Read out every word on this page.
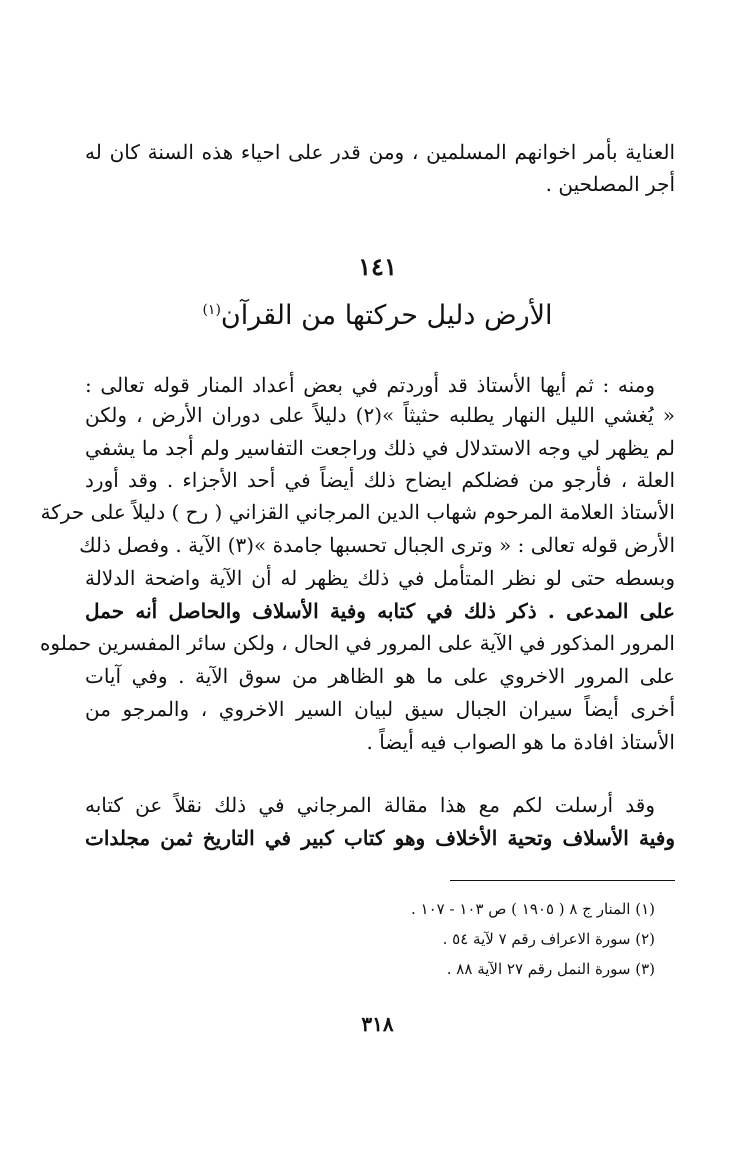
العناية بأمر اخوانهم المسلمين ، ومن قدر على احياء هذه السنة كان له
أجر المصلحين .
١٤١
الأرض دليل حركتها من القرآن$^{(١)}$
ومنه : ثم أيها الأستاذ قد أوردتم في بعض أعداد المنار قوله تعالى :
« يُغشي الليل النهار يطلبه حثيثاً »(٢) دليلاً على دوران الأرض ، ولكن
لم يظهر لي وجه الاستدلال في ذلك وراجعت التفاسير ولم أجد ما يشفي
العلة ، فأرجو من فضلكم ايضاح ذلك أيضاً في أحد الأجزاء . وقد أورد
الأستاذ العلامة المرحوم شهاب الدين المرجاني القزاني ( رح ) دليلاً على حركة
الأرض قوله تعالى : « وترى الجبال تحسبها جامدة »(٣) الآية . وفصل ذلك
وبسطه حتى لو نظر المتأمل في ذلك يظهر له أن الآية واضحة الدلالة
على المدعى . ذكر ذلك في كتابه وفية الأسلاف والحاصل أنه حمل
المرور المذكور في الآية على المرور في الحال ، ولكن سائر المفسرين حملوه
على المرور الاخروي على ما هو الظاهر من سوق الآية . وفي آيات
أخرى أيضاً سيران الجبال سيق لبيان السير الاخروي ، والمرجو من
الأستاذ افادة ما هو الصواب فيه أيضاً .
وقد أرسلت لكم مع هذا مقالة المرجاني في ذلك نقلاً عن كتابه
وفية الأسلاف وتحية الأخلاف وهو كتاب كبير في التاريخ ثمن مجلدات
(١) المنار ج ٨ ( ١٩٠٥ ) ص ١٠٣ - ١٠٧ .
(٢) سورة الاعراف رقم ٧ لآية ٥٤ .
(٣) سورة النمل رقم ٢٧ الآية ٨٨ .
٣١٨
